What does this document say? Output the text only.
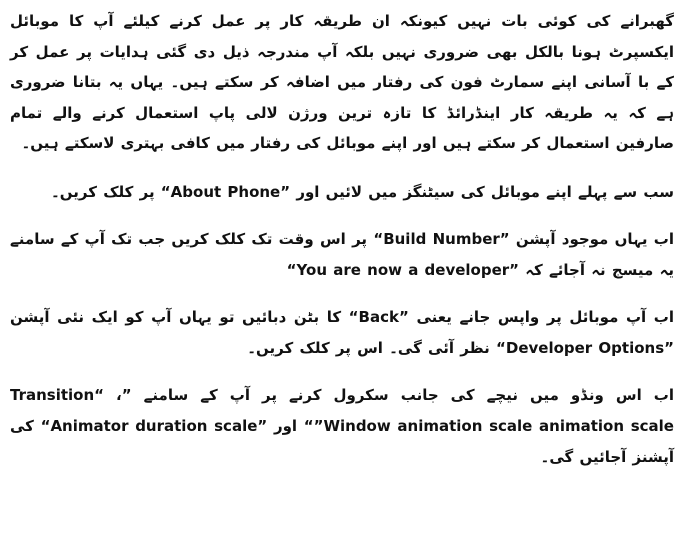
گھبرانے کی کوئی بات نہیں کیونکہ ان طریقہ کار پر عمل کرنے کیلئے آپ کا موبائل ایکسپرٹ ہونا بالکل بھی ضروری نہیں بلکہ آپ مندرجہ ذیل دی گئی ہدایات پر عمل کر کے با آسانی اپنے سمارٹ فون کی رفتار میں اضافہ کر سکتے ہیں۔ یہاں یہ بتانا ضروری ہے کہ یہ طریقہ کار اینڈرائڈ کا تازہ ترین ورژن لالی پاپ استعمال کرنے والے تمام صارفین استعمال کر سکتے ہیں اور اپنے موبائل کی رفتار میں کافی بہتری لاسکتے ہیں۔

سب سے پہلے اپنے موبائل کی سیٹنگز میں لائیں اور ”About Phone“ پر کلک کریں۔

اب یہاں موجود آپشن ”Build Number“ پر اس وقت تک کلک کریں جب تک آپ کے سامنے یہ میسج نہ آجائے کہ ”You are now a developer“

اب آپ موبائل پر واپس جانے یعنی ”Back“ کا بٹن دبائیں تو یہاں آپ کو ایک نئی آپشن ”Developer Options“ نظر آئی گی۔ اس پر کلک کریں۔

اب اس ونڈو میں نیچے کی جانب سکرول کرنے پر آپ کے سامنے ”Transition“ ، ”Window animation scale animation scale“ اور ”Animator duration scale“ کی آپشنز آجائیں گی۔
